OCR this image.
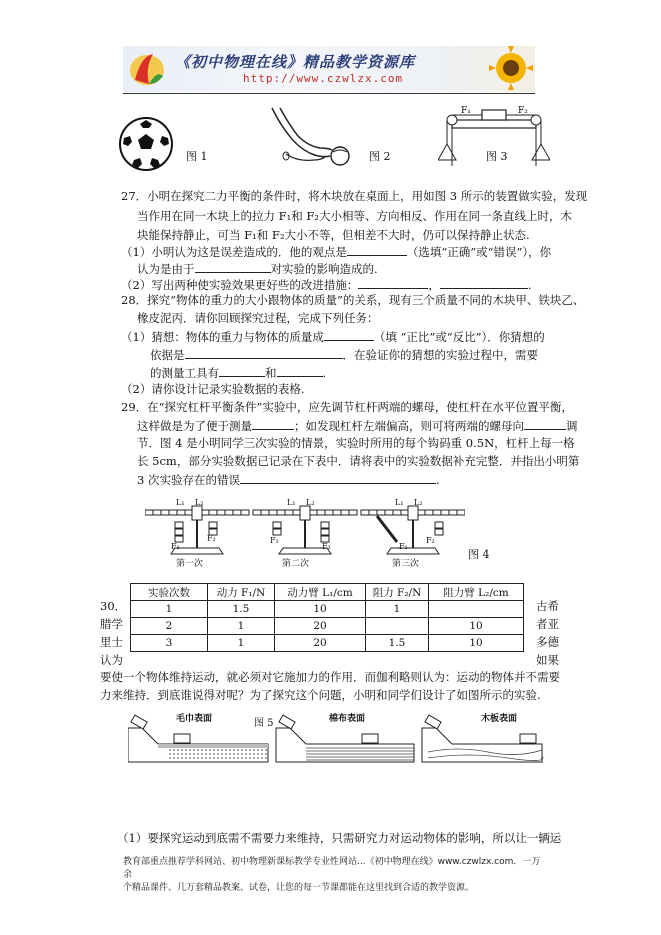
《初中物理在线》精品教学资源库
http://www.czwlzx.com
图 1	图 2
F₁	F₂
图 3
27．小明在探究二力平衡的条件时，将木块放在桌面上，用如图 3 所示的装置做实验，发现
当作用在同一木块上的拉力 F₁和 F₂大小相等、方向相反、作用在同一条直线上时，木
块能保持静止，可当 F₁和 F₂大小不等，但相差不大时，仍可以保持静止状态.
（1）小明认为这是误差造成的．他的观点是	（选填“正确”或“错误”），你
认为是由于	对实验的影响造成的.
（2）写出两种使实验效果更好些的改进措施：	，	.
28．探究“物体的重力的大小跟物体的质量”的关系，现有三个质量不同的木块甲、铁块乙、
橡皮泥丙．请你回顾探究过程，完成下列任务：
（1）猜想：物体的重力与物体的质量成	（填 “正比”或“反比”）．你猜想的
依据是	．在验证你的猜想的实验过程中，需要
的测量工具有	和	.
（2）请你设计记录实验数据的表格.
29．在“探究杠杆平衡条件”实验中，应先调节杠杆两端的螺母，使杠杆在水平位置平衡，
这样做是为了便于测量	；如发现杠杆左端偏高，则可将两端的螺母向	调
节．图 4 是小明同学三次实验的情景，实验时所用的每个钩码重 0.5N，杠杆上每一格
长 5cm，部分实验数据已记录在下表中．请将表中的实验数据补充完整．并指出小明第
3 次实验存在的错误	.
L₁ L₂
F₁
F₂
L₁ L₂
F₁
F₂
L₁ L₂
F₁
F₂
第一次	第二次	第三次
图 4
实验次数	动力 F₁/N	动力臂 L₁/cm	阻力 F₂/N	阻力臂 L₂/cm
1	1.5	10	1	
2	1	20		10
3	1	20	1.5	10
30．
腊学
里士
认为
古希
者亚
多德
如果
要使一个物体维持运动，就必须对它施加力的作用．而伽利略则认为：运动的物体并不需要
力来维持．到底谁说得对呢？为了探究这个问题，小明和同学们设计了如图所示的实验.
毛巾表面	图 5	棉布表面	木板表面
（1）要探究运动到底需不需要力来维持，只需研究力对运动物体的影响，所以让一辆运
教育部重点推荐学科网站、初中物理新课标教学专业性网站...《初中物理在线》www.czwlzx.com．一万余
个精品课件、几万套精品教案、试卷，让您的每一节课都能在这里找到合适的教学资源。
